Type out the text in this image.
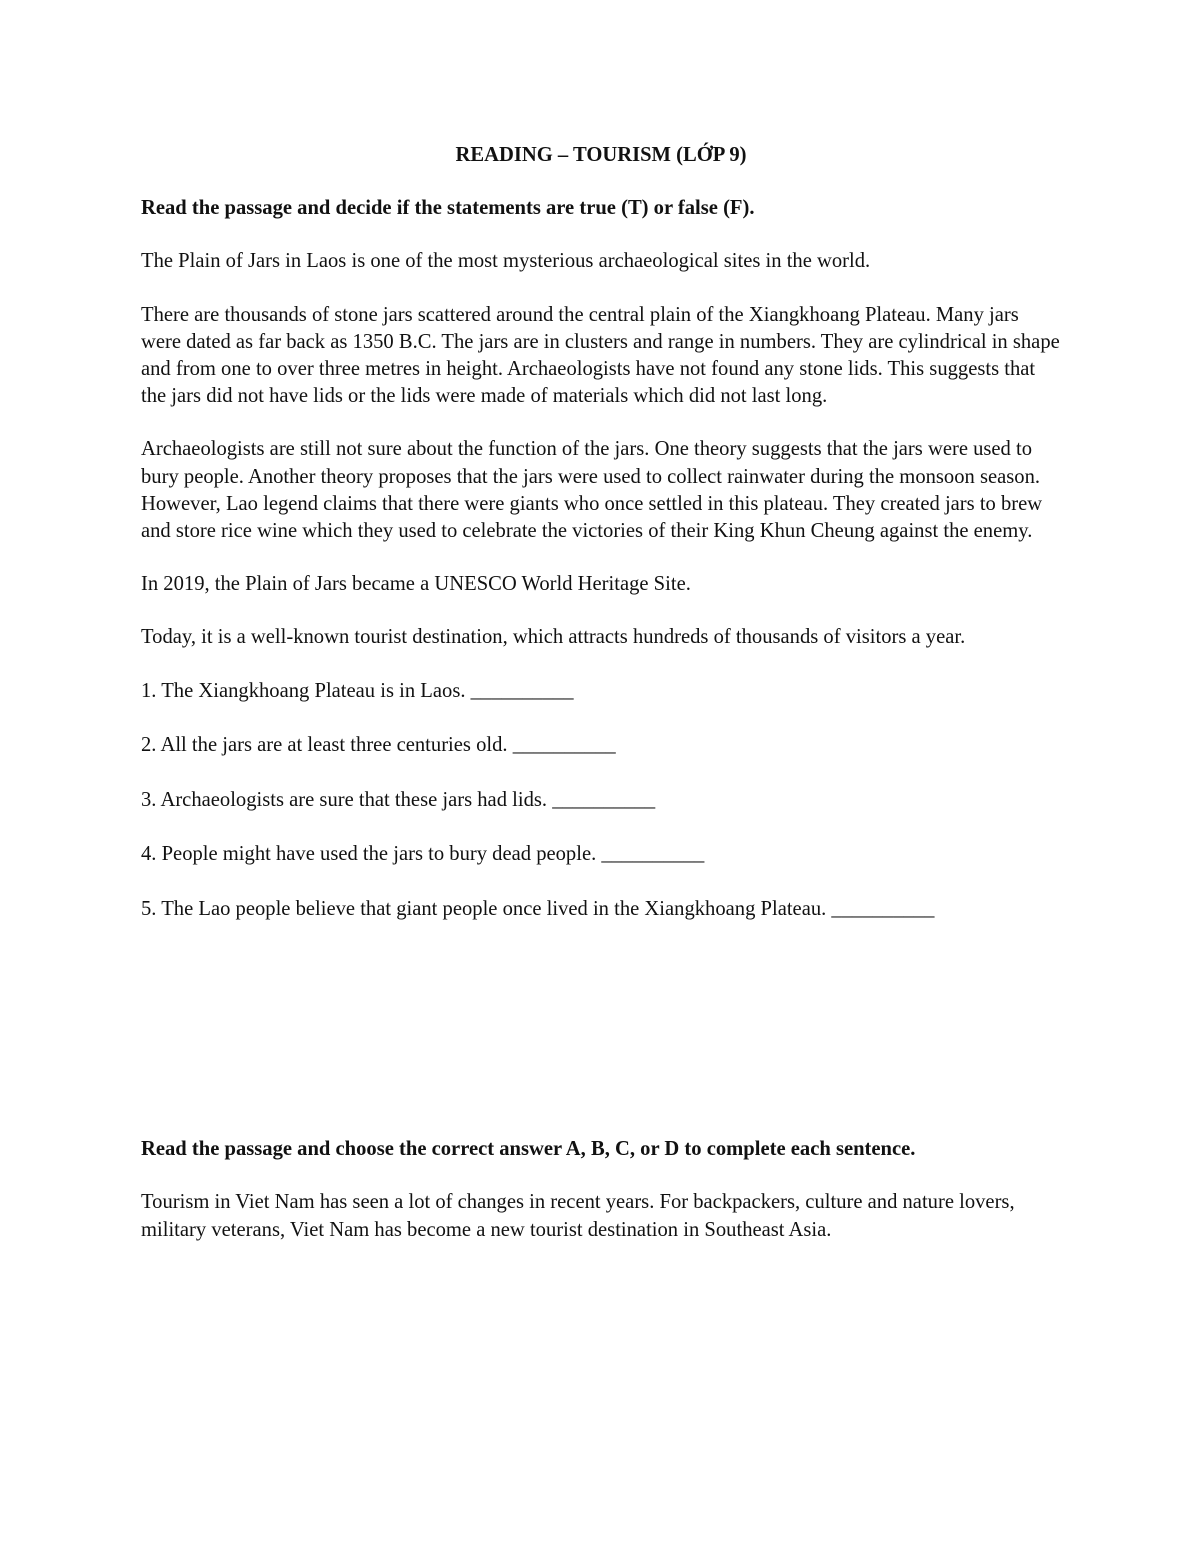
READING – TOURISM (LỚP 9)
Read the passage and decide if the statements are true (T) or false (F).

The Plain of Jars in Laos is one of the most mysterious archaeological sites in the world.

There are thousands of stone jars scattered around the central plain of the Xiangkhoang Plateau. Many jars were dated as far back as 1350 B.C. The jars are in clusters and range in numbers. They are cylindrical in shape and from one to over three metres in height. Archaeologists have not found any stone lids. This suggests that the jars did not have lids or the lids were made of materials which did not last long.

Archaeologists are still not sure about the function of the jars. One theory suggests that the jars were used to bury people. Another theory proposes that the jars were used to collect rainwater during the monsoon season. However, Lao legend claims that there were giants who once settled in this plateau. They created jars to brew and store rice wine which they used to celebrate the victories of their King Khun Cheung against the enemy.

In 2019, the Plain of Jars became a UNESCO World Heritage Site.

Today, it is a well-known tourist destination, which attracts hundreds of thousands of visitors a year.

1. The Xiangkhoang Plateau is in Laos. __________
2. All the jars are at least three centuries old. __________
3. Archaeologists are sure that these jars had lids. __________
4. People might have used the jars to bury dead people. __________
5. The Lao people believe that giant people once lived in the Xiangkhoang Plateau. __________
Read the passage and choose the correct answer A, B, C, or D to complete each sentence.

Tourism in Viet Nam has seen a lot of changes in recent years. For backpackers, culture and nature lovers, military veterans, Viet Nam has become a new tourist destination in Southeast Asia.
